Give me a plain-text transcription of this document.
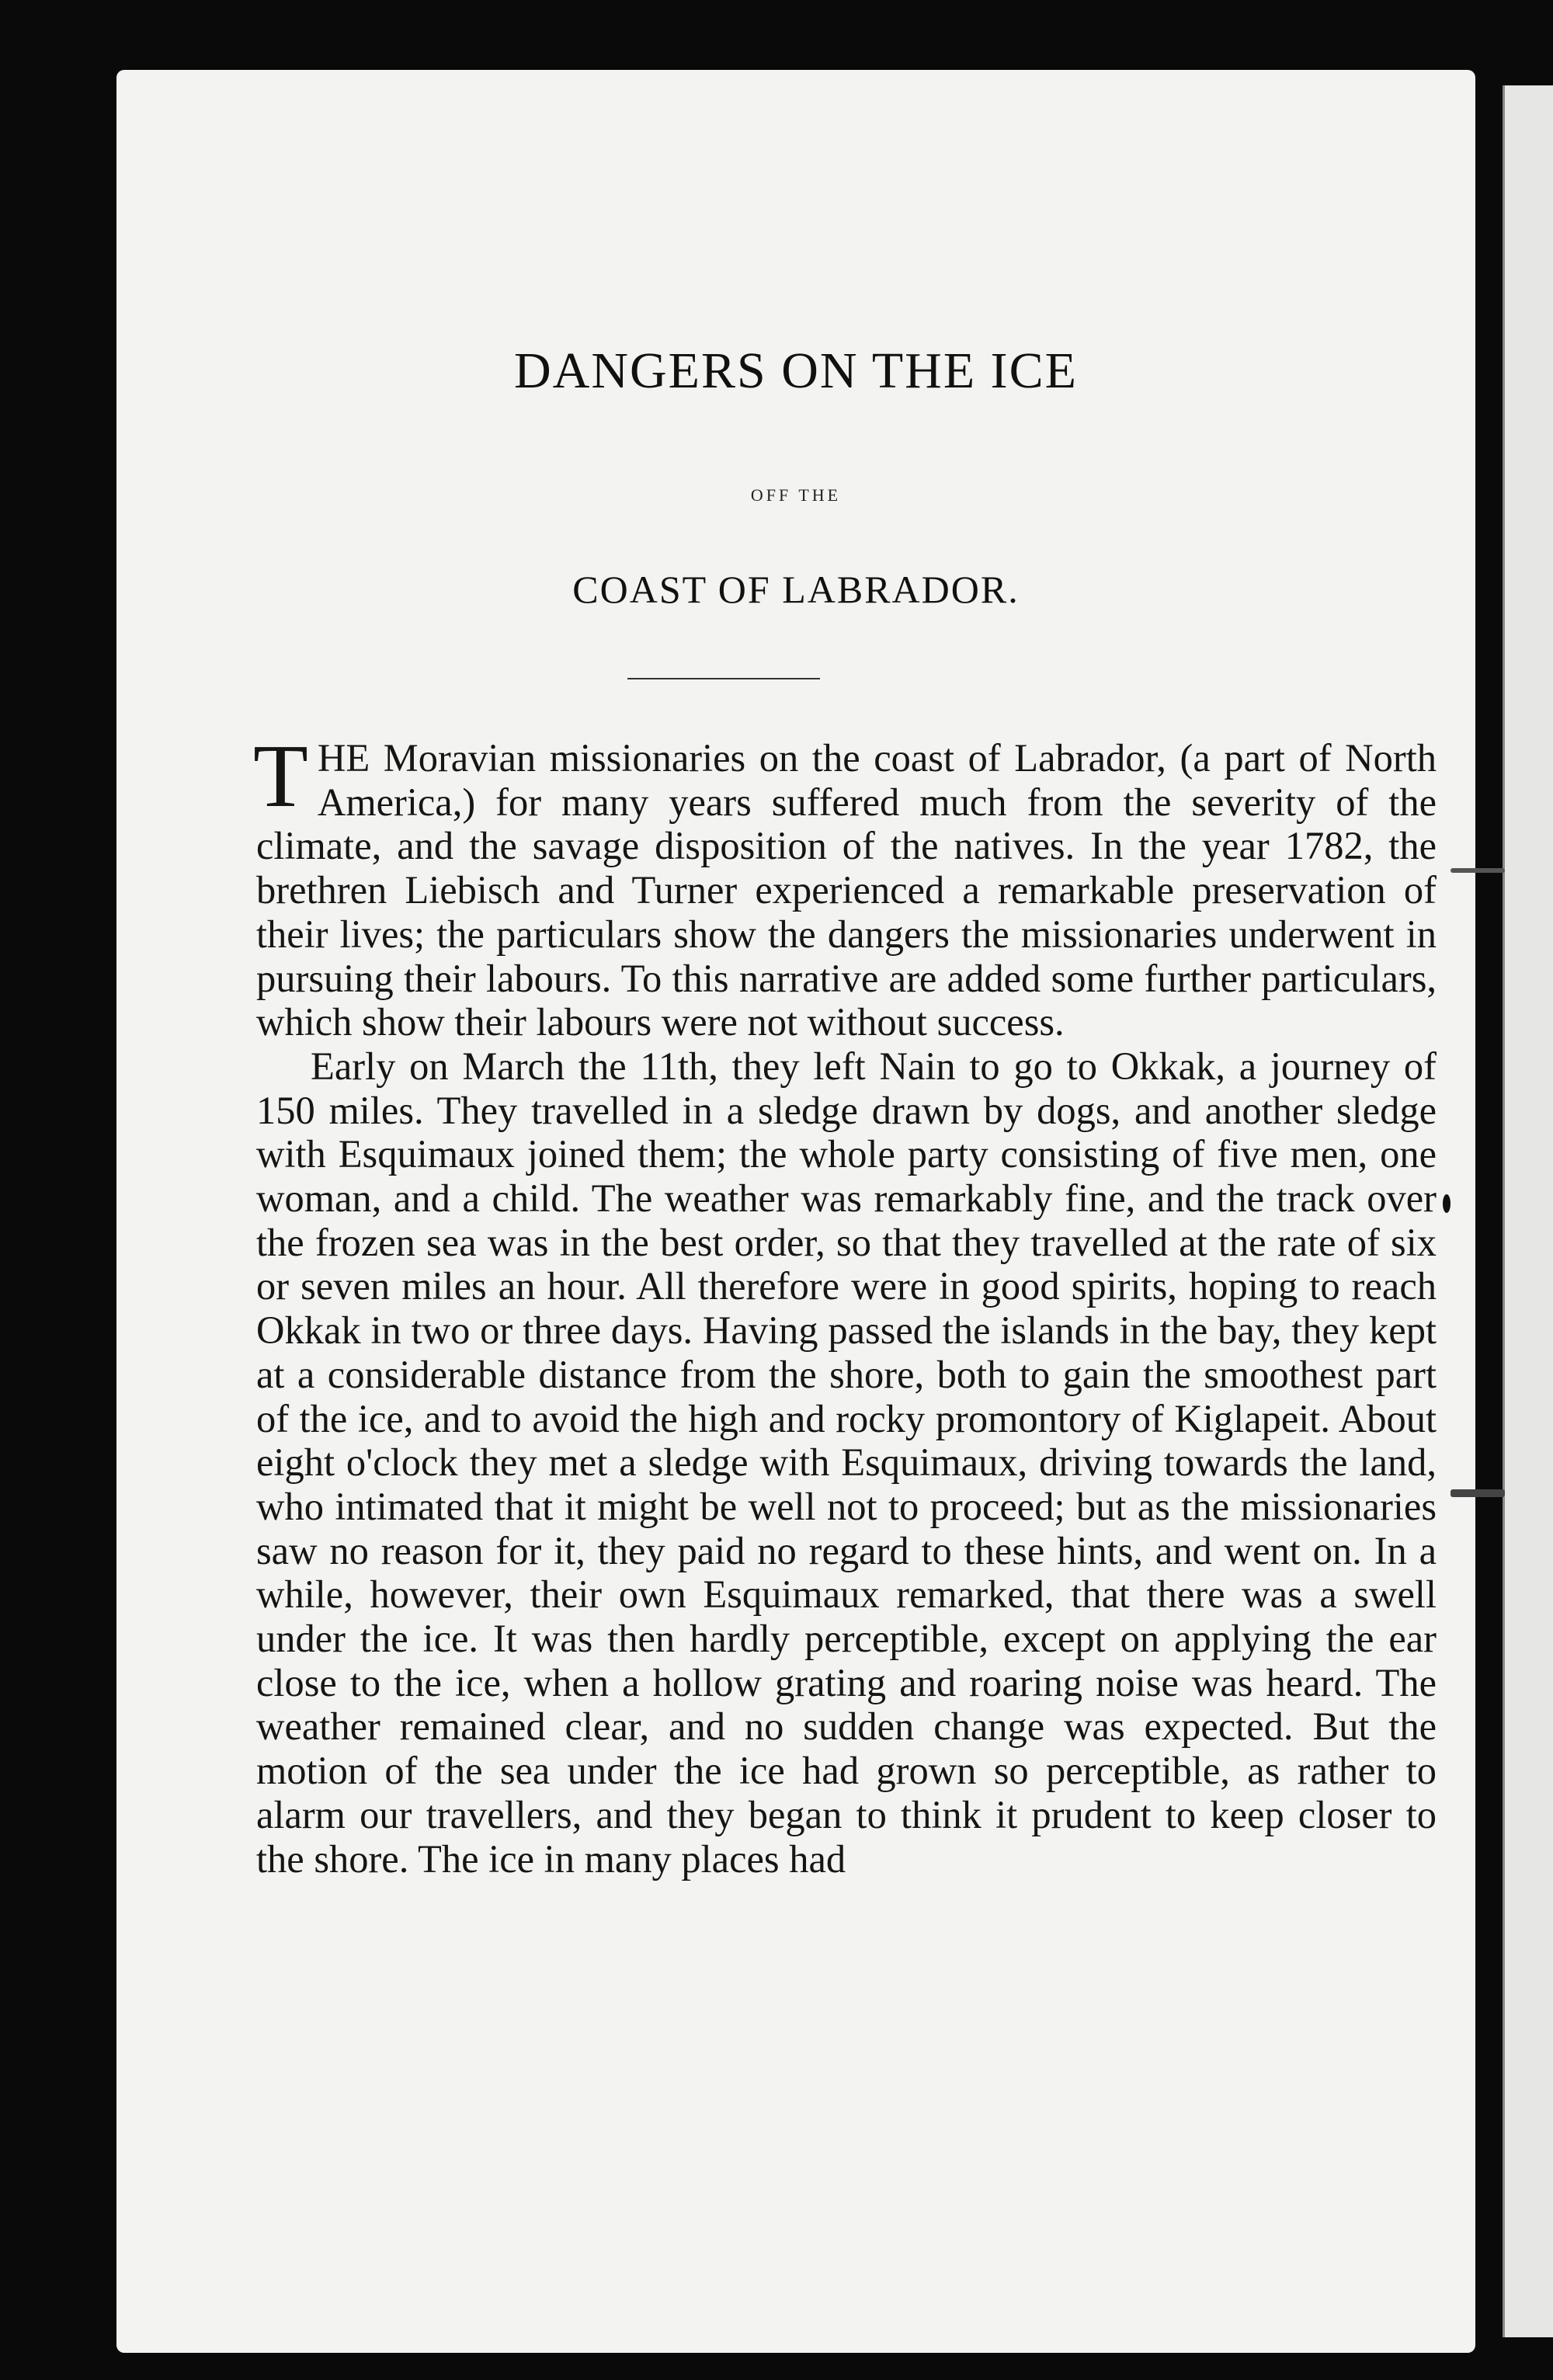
DANGERS ON THE ICE
OFF THE
COAST OF LABRADOR.

THE Moravian missionaries on the coast of Labrador, (a part of North America,) for many years suffered much from the severity of the climate, and the savage disposition of the natives. In the year 1782, the brethren Liebisch and Turner experienced a remarkable preservation of their lives; the particulars show the dangers the missionaries underwent in pursuing their labours. To this narrative are added some further particulars, which show their labours were not without success.

Early on March the 11th, they left Nain to go to Okkak, a journey of 150 miles. They travelled in a sledge drawn by dogs, and another sledge with Esquimaux joined them; the whole party consisting of five men, one woman, and a child. The weather was remarkably fine, and the track over the frozen sea was in the best order, so that they travelled at the rate of six or seven miles an hour. All therefore were in good spirits, hoping to reach Okkak in two or three days. Having passed the islands in the bay, they kept at a considerable distance from the shore, both to gain the smoothest part of the ice, and to avoid the high and rocky promontory of Kiglapeit. About eight o'clock they met a sledge with Esquimaux, driving towards the land, who intimated that it might be well not to proceed; but as the missionaries saw no reason for it, they paid no regard to these hints, and went on. In a while, however, their own Esquimaux remarked, that there was a swell under the ice. It was then hardly perceptible, except on applying the ear close to the ice, when a hollow grating and roaring noise was heard. The weather remained clear, and no sudden change was expected. But the motion of the sea under the ice had grown so perceptible, as rather to alarm our travellers, and they began to think it prudent to keep closer to the shore. The ice in many places had
